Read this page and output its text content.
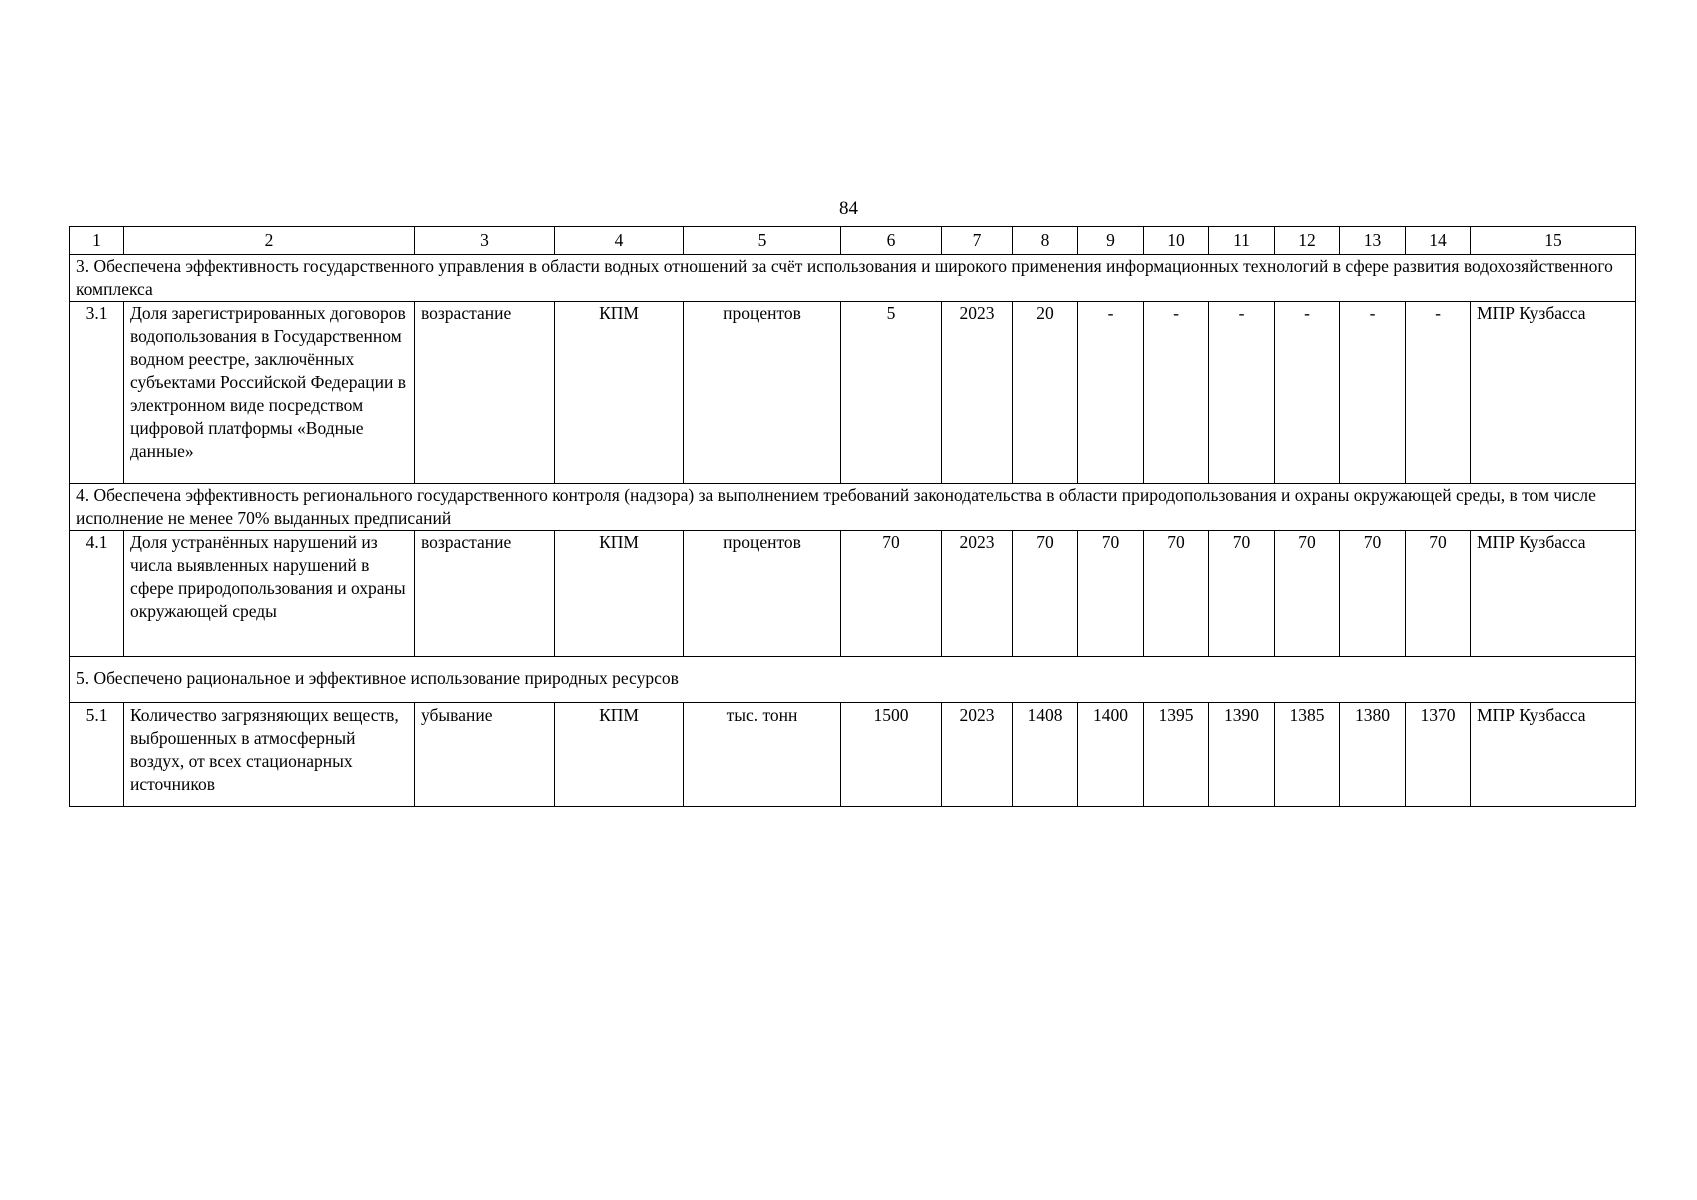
84
1	2	3	4	5	6	7	8	9	10	11	12	13	14	15
3. Обеспечена эффективность государственного управления в области водных отношений за счёт использования и широкого применения информационных технологий в сфере развития водохозяйственного комплекса														
3.1	Доля зарегистрированных договоров водопользования в Государственном водном реестре, заключённых субъектами Российской Федерации в электронном виде посредством цифровой платформы «Водные данные»	возрастание	КПМ	процентов	5	2023	20	-	-	-	-	-	-	МПР Кузбасса
4. Обеспечена эффективность регионального государственного контроля (надзора) за выполнением требований законодательства в области природопользования и охраны окружающей среды, в том числе исполнение не менее 70% выданных предписаний														
4.1	Доля устранённых нарушений из числа выявленных нарушений в сфере природопользования и охраны окружающей среды	возрастание	КПМ	процентов	70	2023	70	70	70	70	70	70	70	МПР Кузбасса
5. Обеспечено рациональное и эффективное использование природных ресурсов														
5.1	Количество загрязняющих веществ, выброшенных в атмосферный воздух, от всех стационарных источников	убывание	КПМ	тыс. тонн	1500	2023	1408	1400	1395	1390	1385	1380	1370	МПР Кузбасса
